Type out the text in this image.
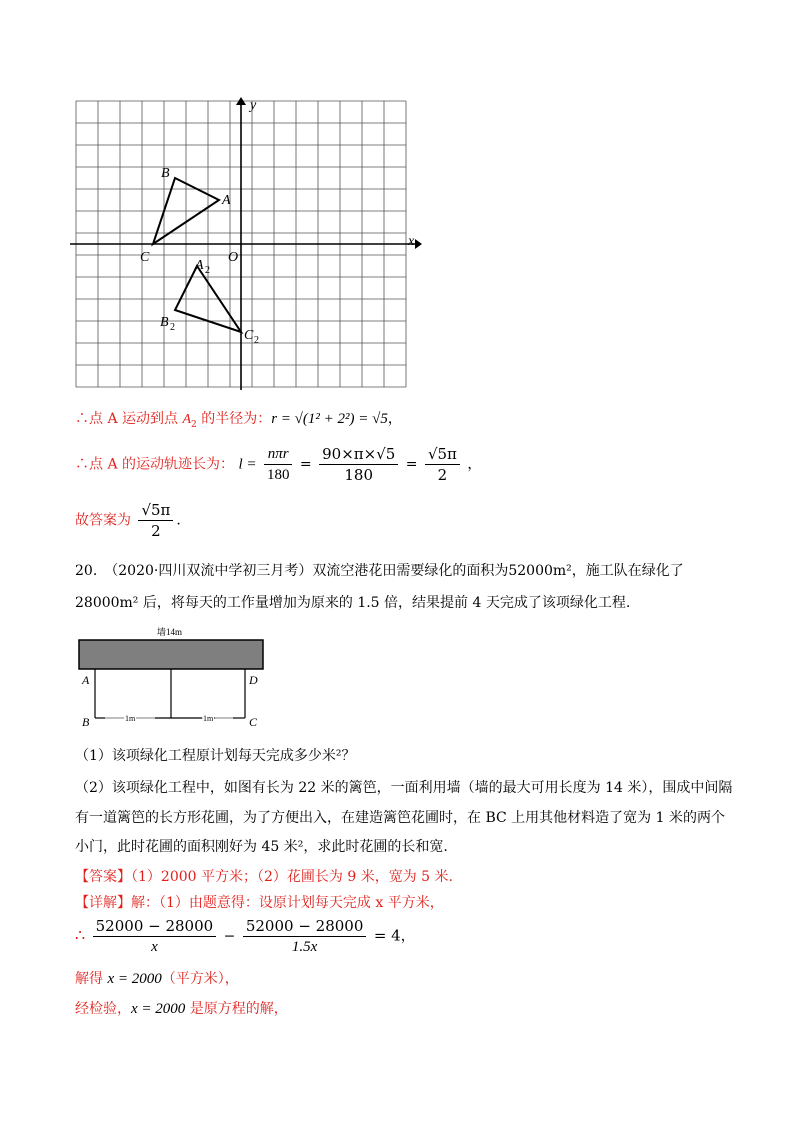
x
y
O
A
B
C
A 2
B 2
C 2
∴点 A 运动到点 $A_2$ 的半径为：r = √(1² + 2²) = √5，
∴点 A 的运动轨迹长为： $l = \frac{\text{nπr}}{180} = \frac{90\times\pi\times√5}{180} = \frac{√5\pi}{2}$ ，
故答案为 $\frac{√5\pi}{2}$ .
20.　（2020·四川双流中学初三月考）双流空港花田需要绿化的面积为52000m²，施工队在绿化了
28000m² 后，将每天的工作量增加为原来的 1.5 倍，结果提前 4 天完成了该项绿化工程.
墙14m
1m	1m
A	D
B	C
（1）该项绿化工程原计划每天完成多少米²？
（2）该项绿化工程中，如图有长为 22 米的篱笆，一面利用墙（墙的最大可用长度为 14 米），围成中间隔
有一道篱笆的长方形花圃，为了方便出入，在建造篱笆花圃时，在 BC 上用其他材料造了宽为 1 米的两个
小门，此时花圃的面积刚好为 45 米²，求此时花圃的长和宽.
【答案】（1）2000 平方米；（2）花圃长为 9 米，宽为 5 米.
【详解】解：（1）由题意得：设原计划每天完成 x 平方米，
∴ $\frac{52000 - 28000}{x} - \frac{52000 - 28000}{1.5x} = 4$，
解得 x = 2000（平方米），
经检验，x = 2000 是原方程的解，
